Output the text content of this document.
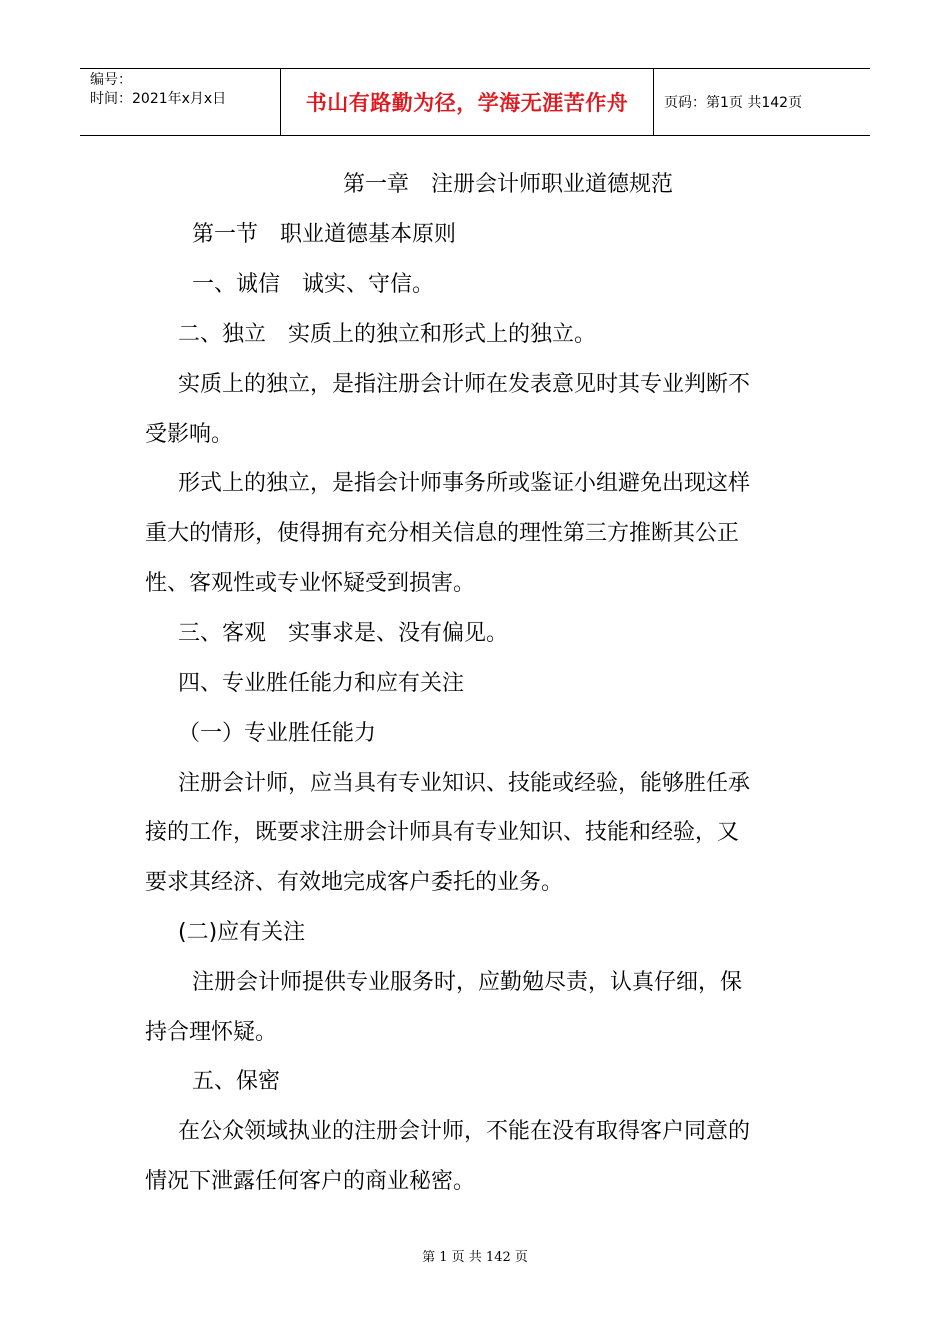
编号：
时间：2021年x月x日	书山有路勤为径，学海无涯苦作舟	页码：第1页 共142页
第一章　注册会计师职业道德规范
第一节　职业道德基本原则
一、诚信　诚实、守信。
二、独立　实质上的独立和形式上的独立。
实质上的独立，是指注册会计师在发表意见时其专业判断不
受影响。
形式上的独立，是指会计师事务所或鉴证小组避免出现这样
重大的情形，使得拥有充分相关信息的理性第三方推断其公正
性、客观性或专业怀疑受到损害。
三、客观　实事求是、没有偏见。
四、专业胜任能力和应有关注
（一）专业胜任能力
注册会计师，应当具有专业知识、技能或经验，能够胜任承
接的工作，既要求注册会计师具有专业知识、技能和经验，又
要求其经济、有效地完成客户委托的业务。
(二)应有关注
注册会计师提供专业服务时，应勤勉尽责，认真仔细，保
持合理怀疑。
五、保密
在公众领域执业的注册会计师，不能在没有取得客户同意的
情况下泄露任何客户的商业秘密。
第 1 页 共 142 页
